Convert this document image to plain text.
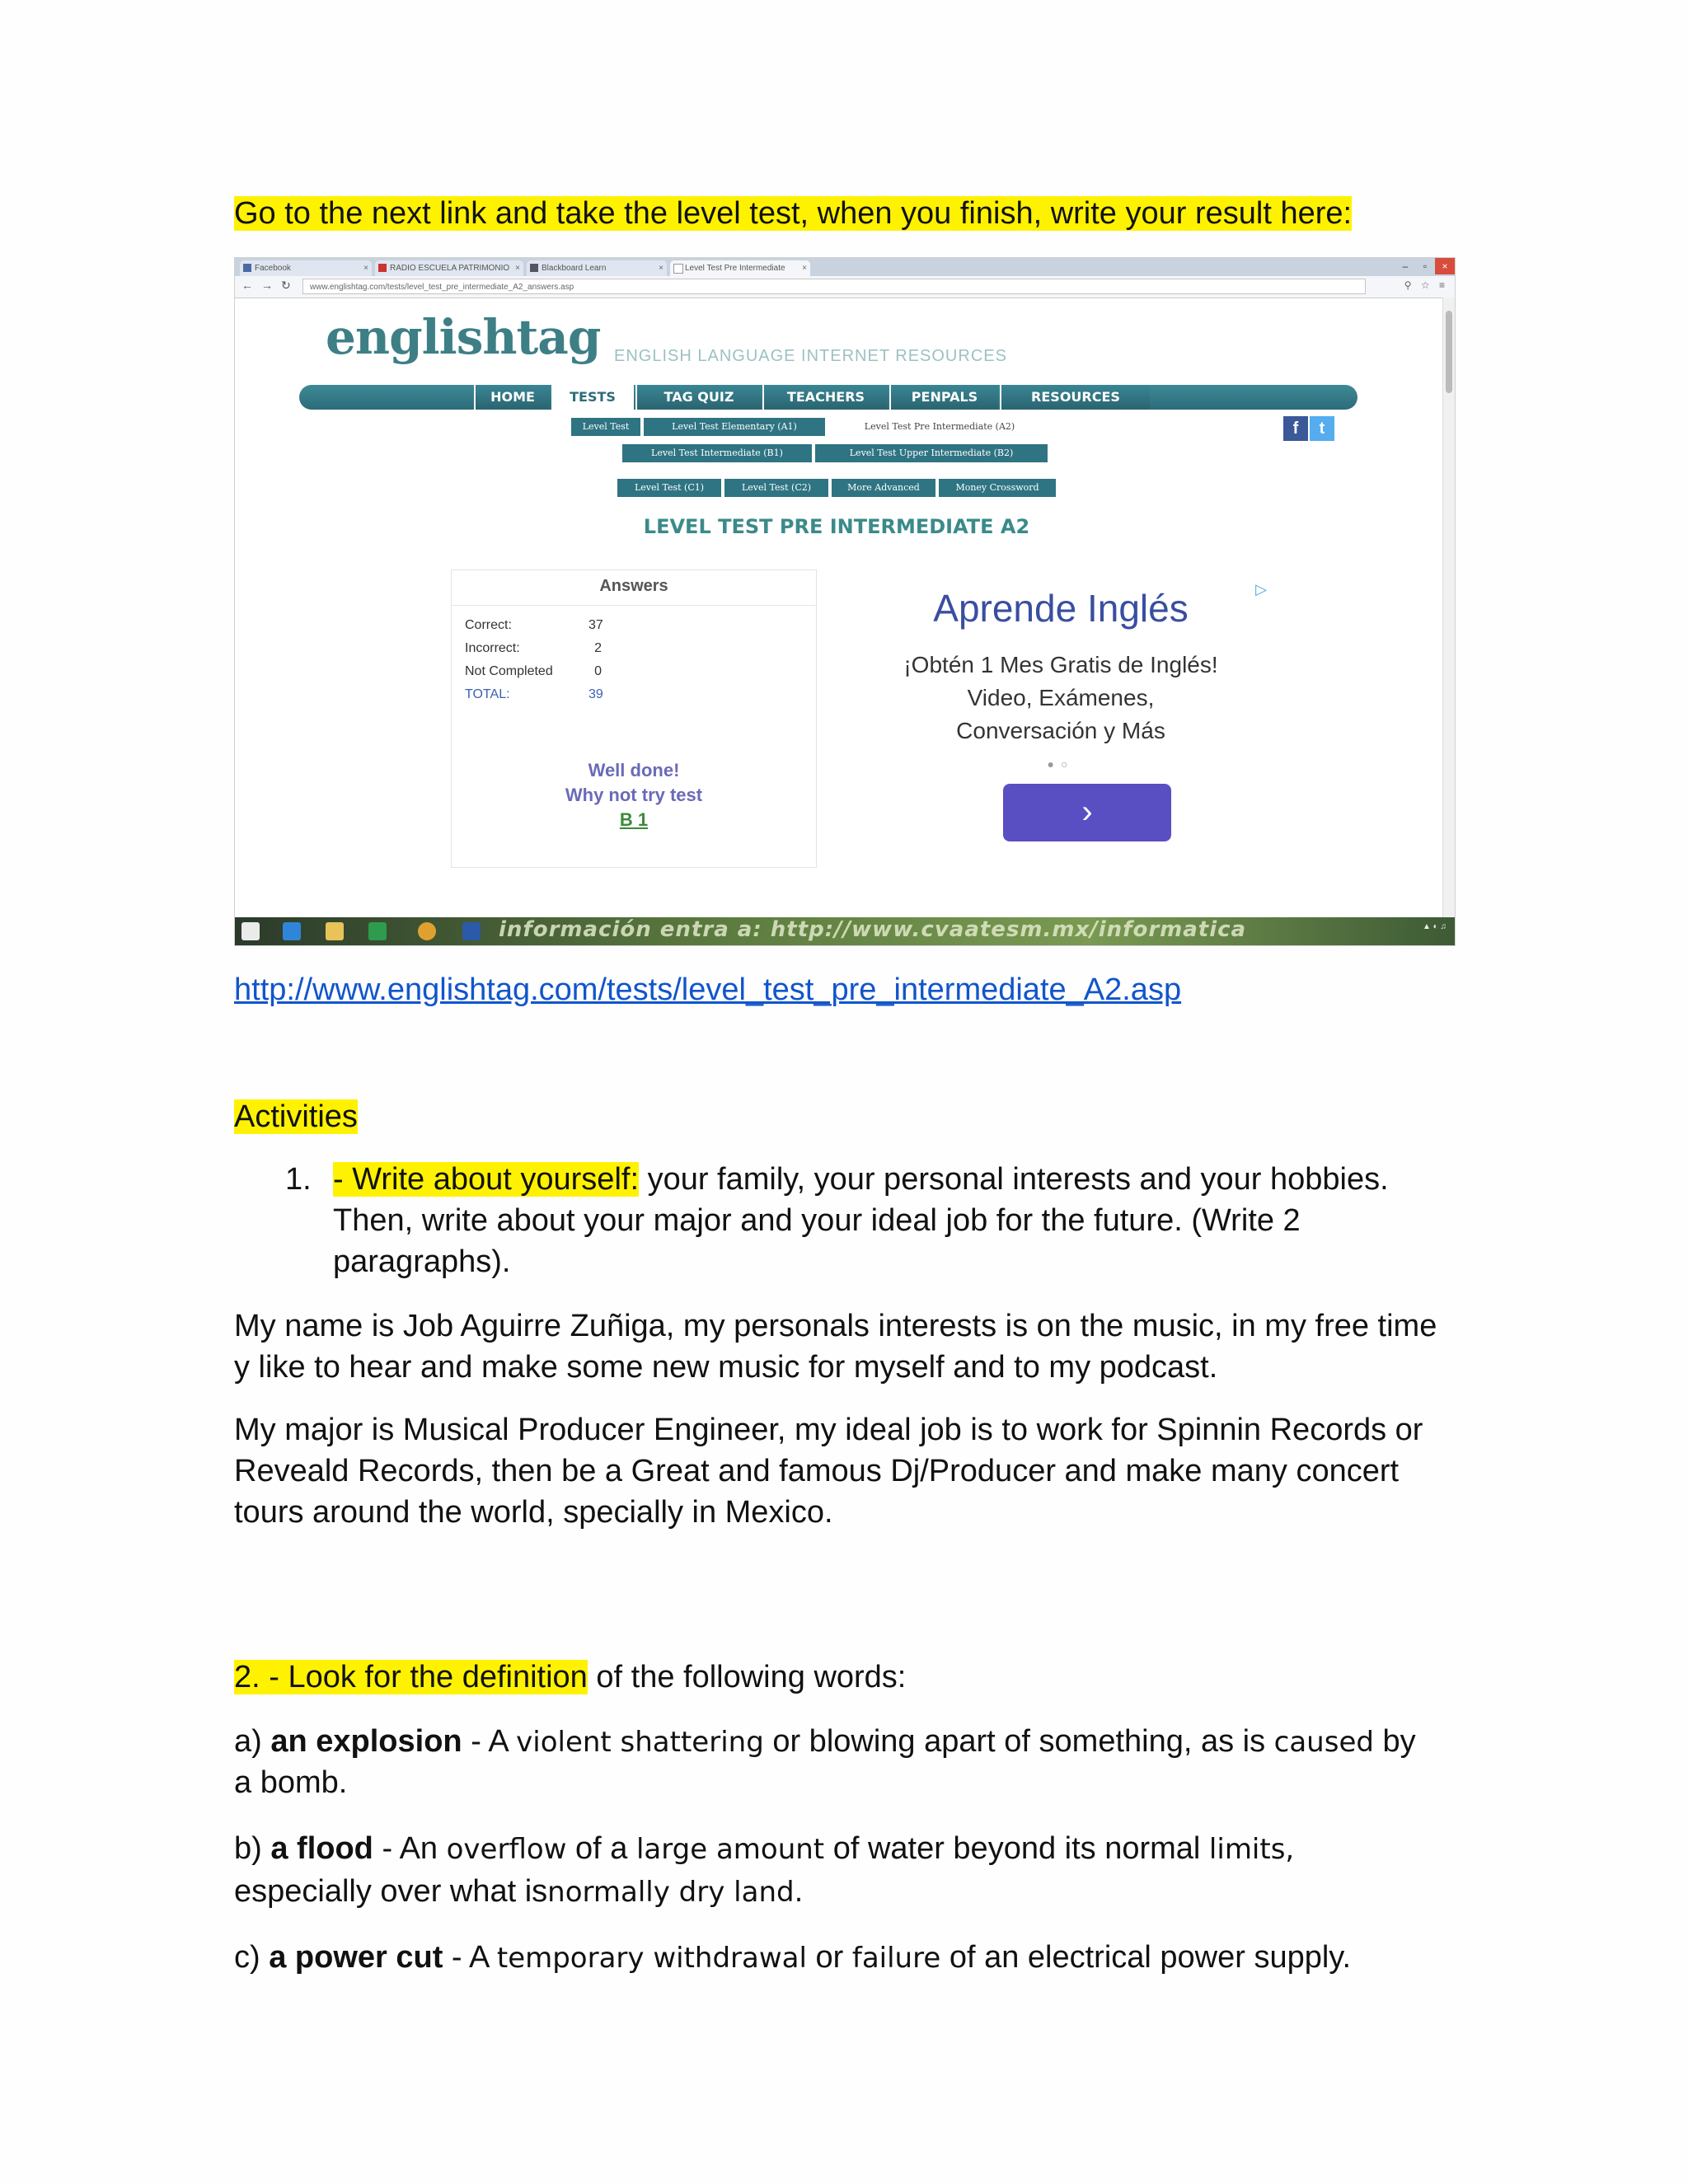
Go to the next link and take the level test, when you finish, write your result here:
Facebook	×	RADIO ESCUELA PATRIMONIO ×	Blackboard Learn	×	Level Test Pre Intermediate ×	– ▫ ×
← → ↻	www.englishtag.com/tests/level_test_pre_intermediate_A2_answers.asp	⚲ ☆ ≡
englishtag ENGLISH LANGUAGE INTERNET RESOURCES
HOME	TESTS	TAG QUIZ	TEACHERS	PENPALS	RESOURCES
Level Test	Level Test Elementary (A1)	Level Test Pre Intermediate (A2)
Level Test Intermediate (B1)	Level Test Upper Intermediate (B2)
Level Test (C1)	Level Test (C2)	More Advanced	Money Crossword
f	t
LEVEL TEST PRE INTERMEDIATE A2
Answers
Correct:	37
Incorrect:	2
Not Completed	0
TOTAL:	39
Well done!
Why not try test
B 1
▷
Aprende Inglés
¡Obtén 1 Mes Gratis de Inglés!
Video, Exámenes,
Conversación y Más
●○
›
información entra a: http://www.cvaatesm.mx/informatica	▲ ◐ ♫
http://www.englishtag.com/tests/level_test_pre_intermediate_A2.asp
Activities
1. - Write about yourself: your family, your personal interests and your hobbies.
Then, write about your major and your ideal job for the future. (Write 2
paragraphs).
My name is Job Aguirre Zuñiga, my personals interests is on the music, in my free time y like to hear and make some new music for myself and to my podcast.
My major is Musical Producer Engineer, my ideal job is to work for Spinnin Records or Reveald Records, then be a Great and famous Dj/Producer and make many concert tours around the world, specially in Mexico.
2. - Look for the definition of the following words:
a) an explosion - A violent shattering or blowing apart of something, as is caused by
a bomb.
b) a flood - An overflow of a large amount of water beyond its normal limits,
especially over what isnormally dry land.
c) a power cut - A temporary withdrawal or failure of an electrical power supply.
